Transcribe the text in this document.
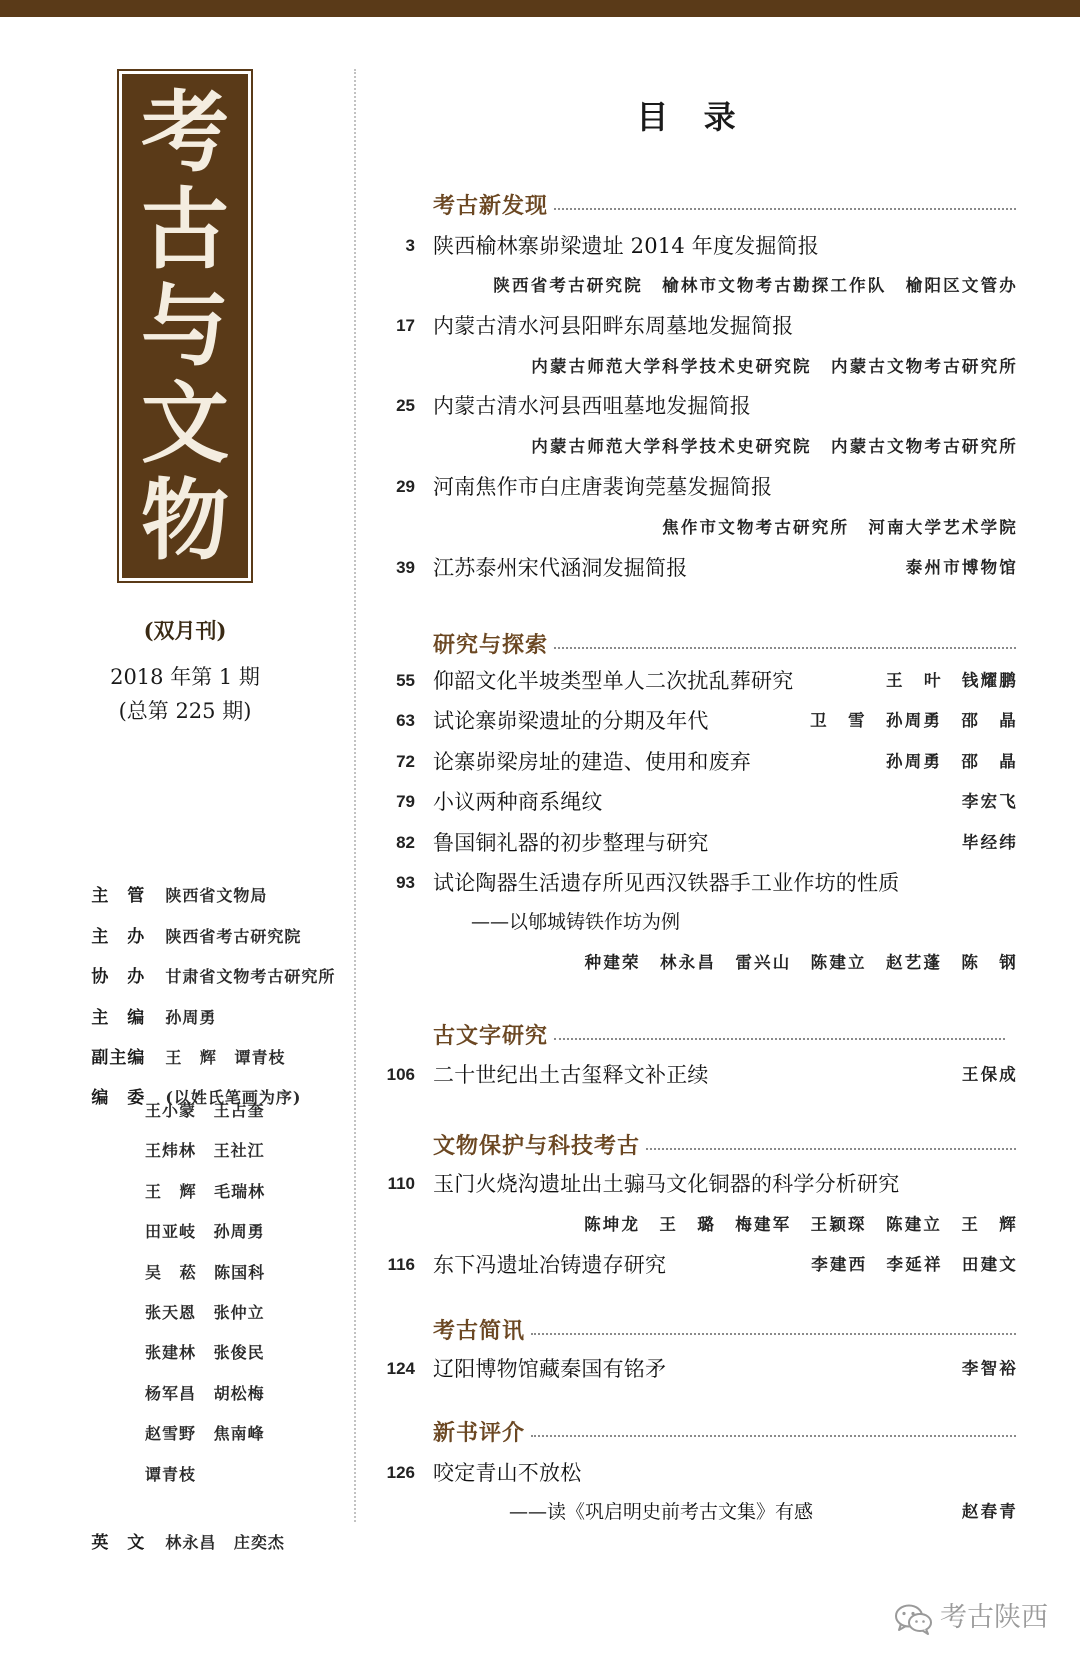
考古与文物
(双月刊)
2018 年第 1 期
(总第 225 期)

主 管 陕西省文物局

主 办 陕西省考古研究院

协 办 甘肃省文物考古研究所

主 编 孙周勇

副主编 王 辉 谭青枝

编 委 (以姓氏笔画为序)

王小蒙 王占奎
王炜林 王社江
王 辉 毛瑞林
田亚岐 孙周勇
吴 菘 陈国科
张天恩 张仲立
张建林 张俊民
杨军昌 胡松梅
赵雪野 焦南峰
谭青枝

英 文 林永昌 庄奕杰

目 录
考古新发现
3 陕西榆林寨峁梁遗址 2014 年度发掘简报
陕西省考古研究院 榆林市文物考古勘探工作队 榆阳区文管办
17 内蒙古清水河县阳畔东周墓地发掘简报
内蒙古师范大学科学技术史研究院 内蒙古文物考古研究所
25 内蒙古清水河县西咀墓地发掘简报
内蒙古师范大学科学技术史研究院 内蒙古文物考古研究所
29 河南焦作市白庄唐裴询莞墓发掘简报
焦作市文物考古研究所 河南大学艺术学院
39 江苏泰州宋代涵洞发掘简报	泰州市博物馆
研究与探索
55 仰韶文化半坡类型单人二次扰乱葬研究	王 叶 钱耀鹏
63 试论寨峁梁遗址的分期及年代	卫 雪 孙周勇 邵 晶
72 论寨峁梁房址的建造、使用和废弃	孙周勇 邵 晶
79 小议两种商系绳纹	李宏飞
82 鲁国铜礼器的初步整理与研究	毕经纬
93 试论陶器生活遗存所见西汉铁器手工业作坊的性质
——以郇城铸铁作坊为例
种建荣 林永昌 雷兴山 陈建立 赵艺蓬 陈 钢
古文字研究
106 二十世纪出土古玺释文补正续	王保成
文物保护与科技考古
110 玉门火烧沟遗址出土骟马文化铜器的科学分析研究
陈坤龙 王 璐 梅建军 王颖琛 陈建立 王 辉
116 东下冯遗址冶铸遗存研究	李建西 李延祥 田建文
考古简讯
124 辽阳博物馆藏秦国有铭矛	李智裕
新书评介
126 咬定青山不放松
——读《巩启明史前考古文集》有感	赵春青
考古陕西
